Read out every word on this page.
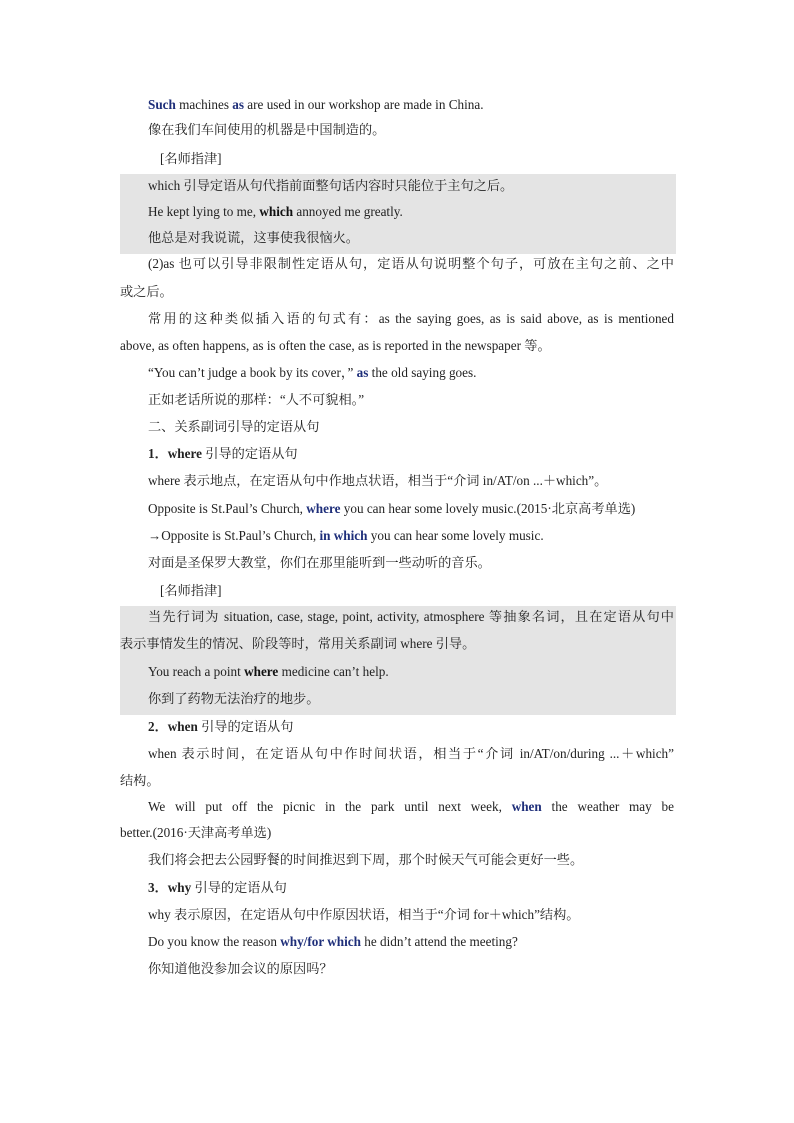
Such machines as are used in our workshop are made in China.
像在我们车间使用的机器是中国制造的。
[名师指津]
which 引导定语从句代指前面整句话内容时只能位于主句之后。
He kept lying to me, which annoyed me greatly.
他总是对我说谎，这事使我很恼火。
(2)as 也可以引导非限制性定语从句，定语从句说明整个句子，可放在主句之前、之中
或之后。
常用的这种类似插入语的句式有：as the saying goes, as is said above, as is mentioned
above, as often happens, as is often the case, as is reported in the newspaper 等。
“You can’t judge a book by its cover，” as the old saying goes.
正如老话所说的那样：“人不可貌相。”
二、关系副词引导的定语从句
1．where 引导的定语从句
where 表示地点，在定语从句中作地点状语，相当于“介词 in/AT/on ...＋which”。
Opposite is St.Paul’s Church, where you can hear some lovely music.(2015·北京高考单选)
→Opposite is St.Paul’s Church, in which you can hear some lovely music.
对面是圣保罗大教堂，你们在那里能听到一些动听的音乐。
[名师指津]
当先行词为 situation, case, stage, point, activity, atmosphere 等抽象名词，且在定语从句中
表示事情发生的情况、阶段等时，常用关系副词 where 引导。
You reach a point where medicine can’t help.
你到了药物无法治疗的地步。
2．when 引导的定语从句
when 表示时间，在定语从句中作时间状语，相当于“介词 in/AT/on/during ...＋which”
结构。
We will put off the picnic in the park until next week, when the weather may be
better.(2016·天津高考单选)
我们将会把去公园野餐的时间推迟到下周，那个时候天气可能会更好一些。
3．why 引导的定语从句
why 表示原因，在定语从句中作原因状语，相当于“介词 for＋which”结构。
Do you know the reason why/for which he didn’t attend the meeting?
你知道他没参加会议的原因吗？
